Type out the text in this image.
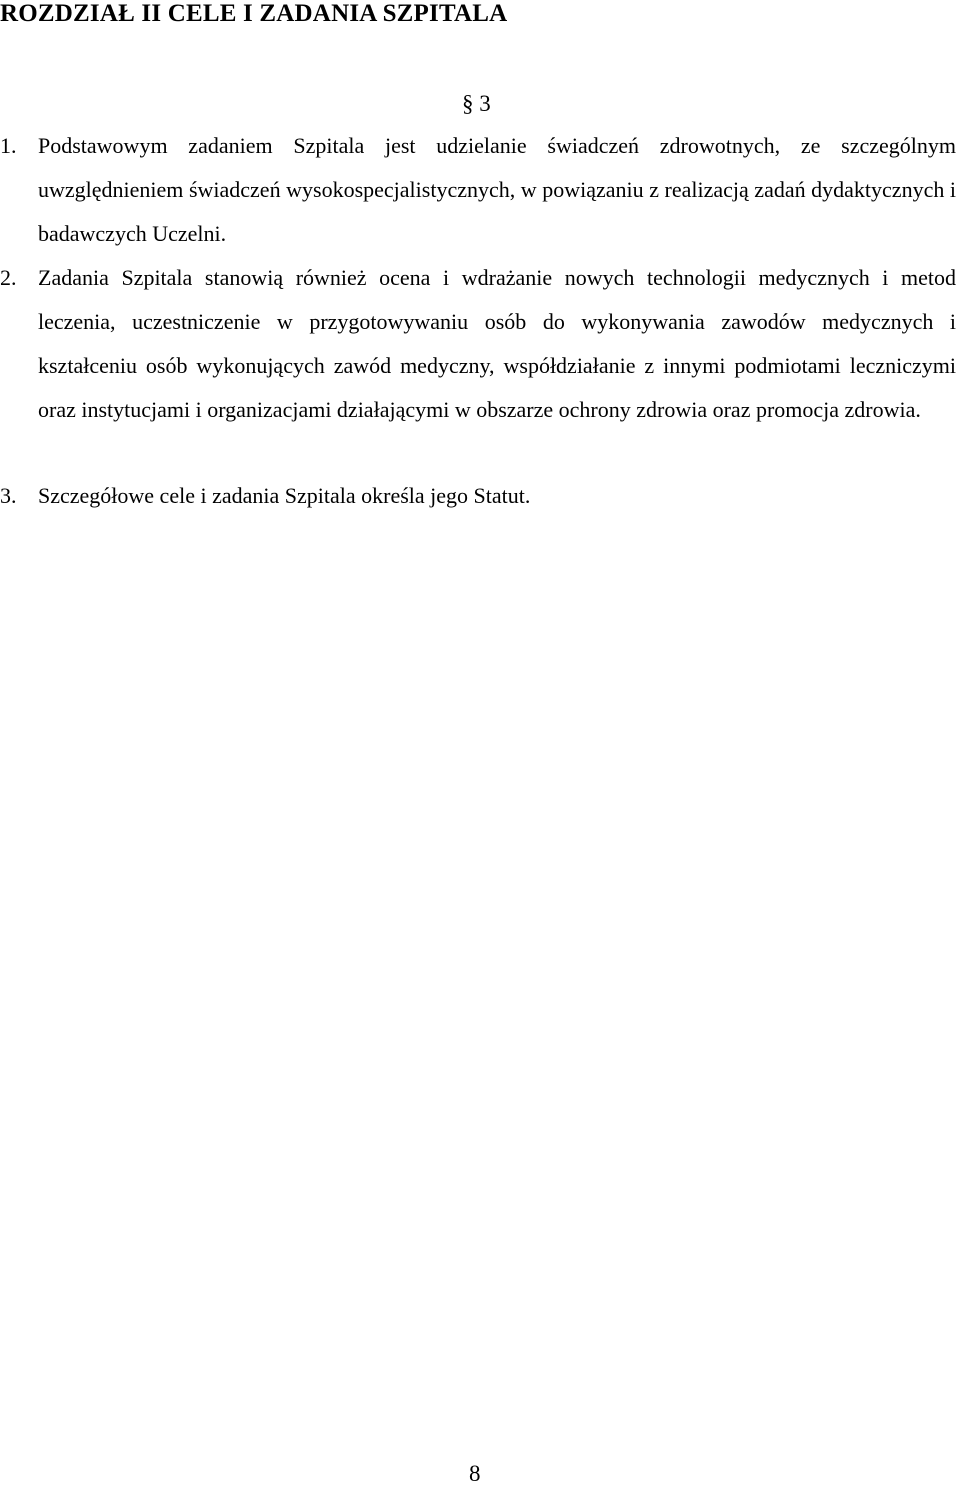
ROZDZIAŁ II CELE I ZADANIA SZPITALA
§ 3
1. Podstawowym zadaniem Szpitala jest udzielanie świadczeń zdrowotnych, ze szczególnym uwzględnieniem świadczeń wysokospecjalistycznych, w powiązaniu z realizacją zadań dydaktycznych i badawczych Uczelni.
2. Zadania Szpitala stanowią również ocena i wdrażanie nowych technologii medycznych i metod leczenia, uczestniczenie w przygotowywaniu osób do wykonywania zawodów medycznych i kształceniu osób wykonujących zawód medyczny, współdziałanie z innymi podmiotami leczniczymi oraz instytucjami i organizacjami działającymi w obszarze ochrony zdrowia oraz promocja zdrowia.
3. Szczegółowe cele i zadania Szpitala określa jego Statut.
8
